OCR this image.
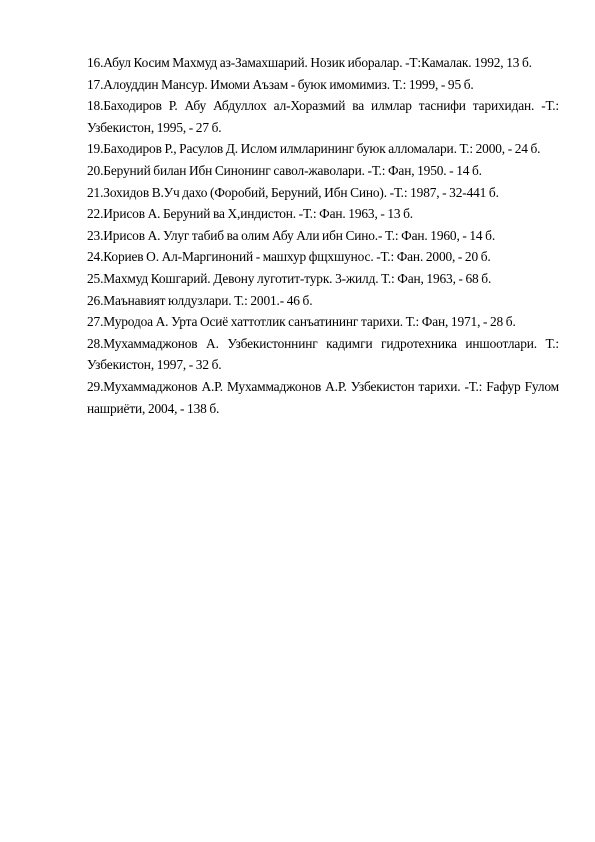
16.Абул Косим Махмуд аз-Замахшарий. Нозик иборалар. -Т:Камалак. 1992, 13 б.

17.Алоуддин Мансур. Имоми Аъзам - буюк имомимиз. Т.: 1999, - 95 б.

18.Баходиров Р. Абу Абдуллох ал-Хоразмий ва илмлар таснифи тарихидан. -Т.: Узбекистон, 1995, - 27 б.

19.Баходиров Р., Расулов Д. Ислом илмларининг буюк алломалари. Т.: 2000, - 24 б.

20.Беруний билан Ибн Синонинг савол-жаволари. -Т.: Фан, 1950. - 14 б.

21.Зохидов В.Уч дахо (Форобий, Беруний, Ибн Сино). -Т.: 1987, - 32-441 б.

22.Ирисов А. Беруний ва Х,индистон. -Т.: Фан. 1963, - 13 б.

23.Ирисов А. Улуг табиб ва олим Абу Али ибн Сино.- Т.: Фан. 1960, - 14 б.

24.Кориев О. Ал-Маргиноний - машхур фщхшунос. -Т.: Фан. 2000, - 20 б.

25.Махмуд Кошгарий. Девону луготит-турк. 3-жилд. Т.: Фан, 1963, - 68 б.

26.Маънавият юлдузлари. Т.: 2001.- 46 б.

27.Муродоа А. Урта Осиё хаттотлик санъатининг тарихи. Т.: Фан, 1971, - 28 б.

28.Мухаммаджонов А. Узбекистоннинг кадимги гидротехника иншоотлари. Т.: Узбекистон, 1997, - 32 б.

29.Мухаммаджонов А.Р. Мухаммаджонов А.Р. Узбекистон тарихи. -Т.: Fафур Fулом нашриёти, 2004, - 138 б.
